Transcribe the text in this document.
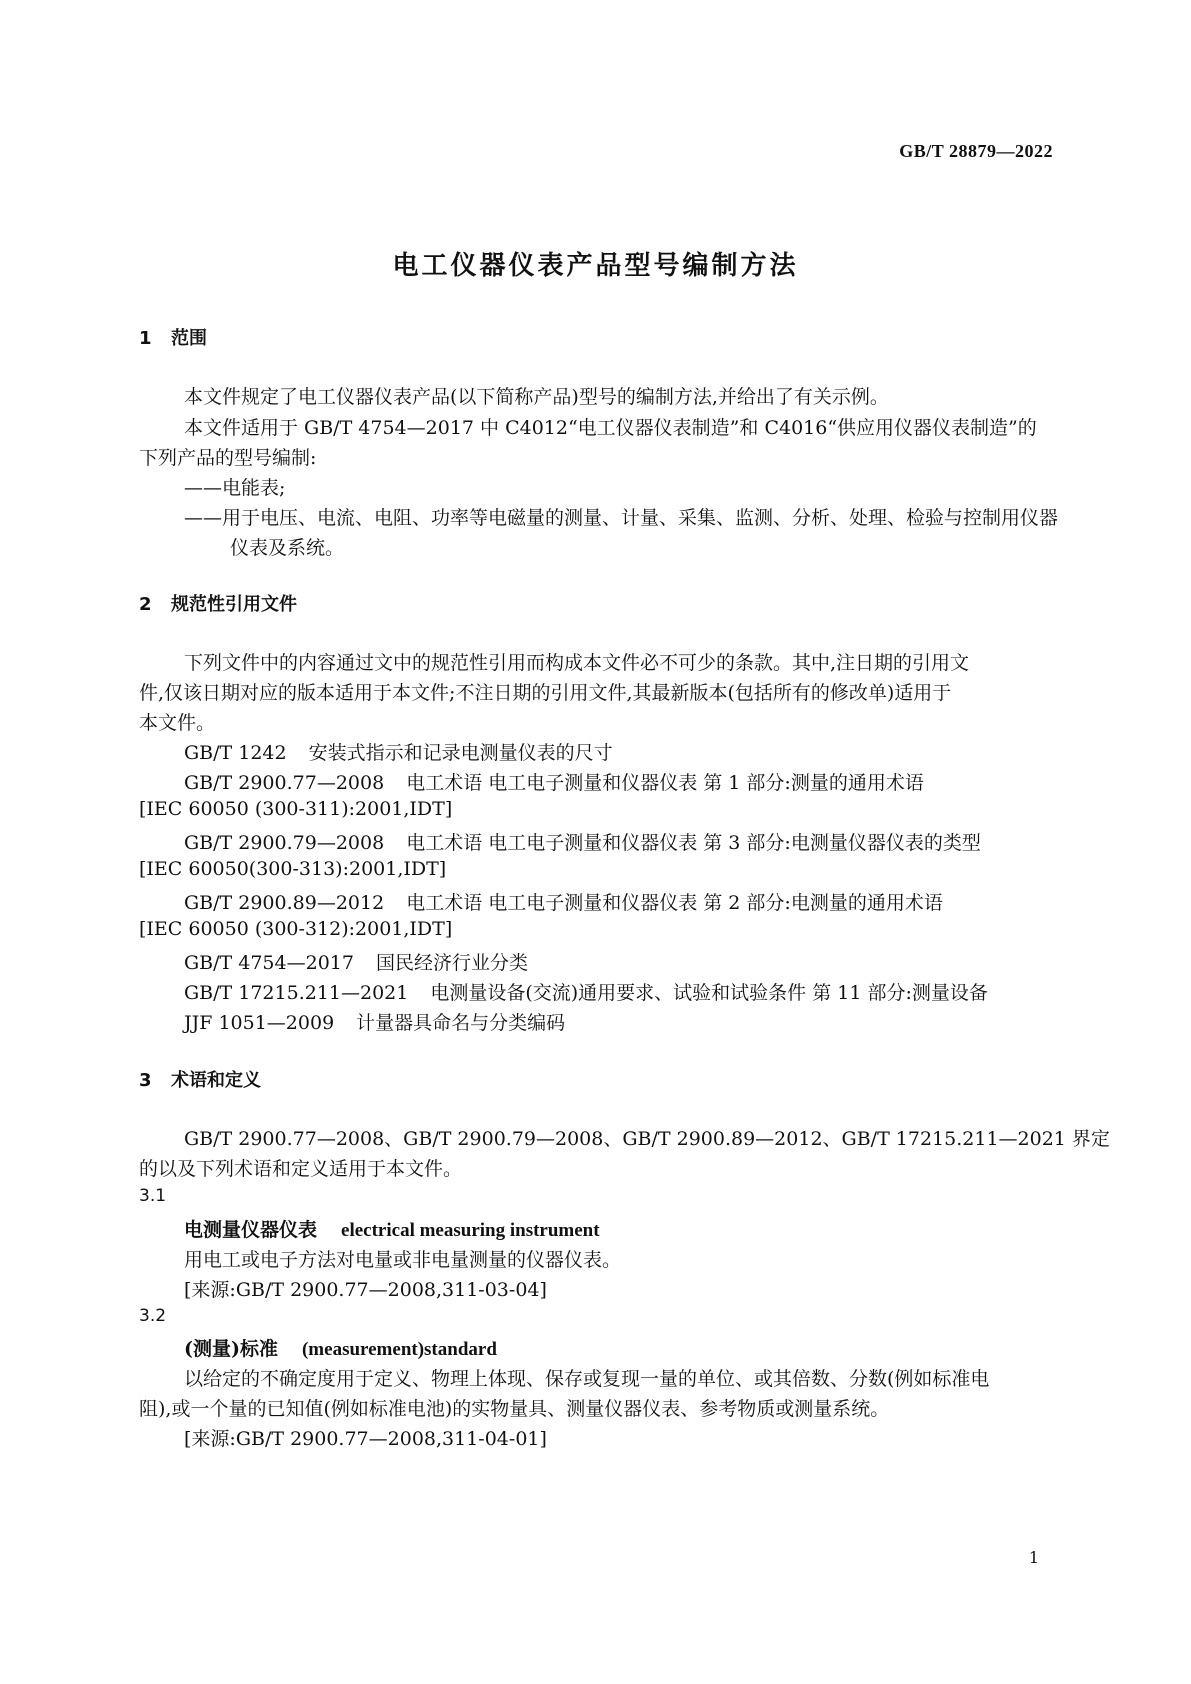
GB/T 28879—2022
电工仪器仪表产品型号编制方法
1 范围
本文件规定了电工仪器仪表产品(以下简称产品)型号的编制方法,并给出了有关示例。
本文件适用于 GB/T 4754—2017 中 C4012“电工仪器仪表制造”和 C4016“供应用仪器仪表制造”的
下列产品的型号编制:
——电能表;
——用于电压、电流、电阻、功率等电磁量的测量、计量、采集、监测、分析、处理、检验与控制用仪器
仪表及系统。
2 规范性引用文件
下列文件中的内容通过文中的规范性引用而构成本文件必不可少的条款。其中,注日期的引用文
件,仅该日期对应的版本适用于本文件;不注日期的引用文件,其最新版本(包括所有的修改单)适用于
本文件。
GB/T 1242 安装式指示和记录电测量仪表的尺寸
GB/T 2900.77—2008 电工术语 电工电子测量和仪器仪表 第 1 部分:测量的通用术语
[IEC 60050 (300-311):2001,IDT]
GB/T 2900.79—2008 电工术语 电工电子测量和仪器仪表 第 3 部分:电测量仪器仪表的类型
[IEC 60050(300-313):2001,IDT]
GB/T 2900.89—2012 电工术语 电工电子测量和仪器仪表 第 2 部分:电测量的通用术语
[IEC 60050 (300-312):2001,IDT]
GB/T 4754—2017 国民经济行业分类
GB/T 17215.211—2021 电测量设备(交流)通用要求、试验和试验条件 第 11 部分:测量设备
JJF 1051—2009 计量器具命名与分类编码
3 术语和定义
GB/T 2900.77—2008、GB/T 2900.79—2008、GB/T 2900.89—2012、GB/T 17215.211—2021 界定
的以及下列术语和定义适用于本文件。
3.1
电测量仪器仪表 electrical measuring instrument
用电工或电子方法对电量或非电量测量的仪器仪表。
[来源:GB/T 2900.77—2008,311-03-04]
3.2
(测量)标准 (measurement)standard
以给定的不确定度用于定义、物理上体现、保存或复现一量的单位、或其倍数、分数(例如标准电
阻),或一个量的已知值(例如标准电池)的实物量具、测量仪器仪表、参考物质或测量系统。
[来源:GB/T 2900.77—2008,311-04-01]
1
